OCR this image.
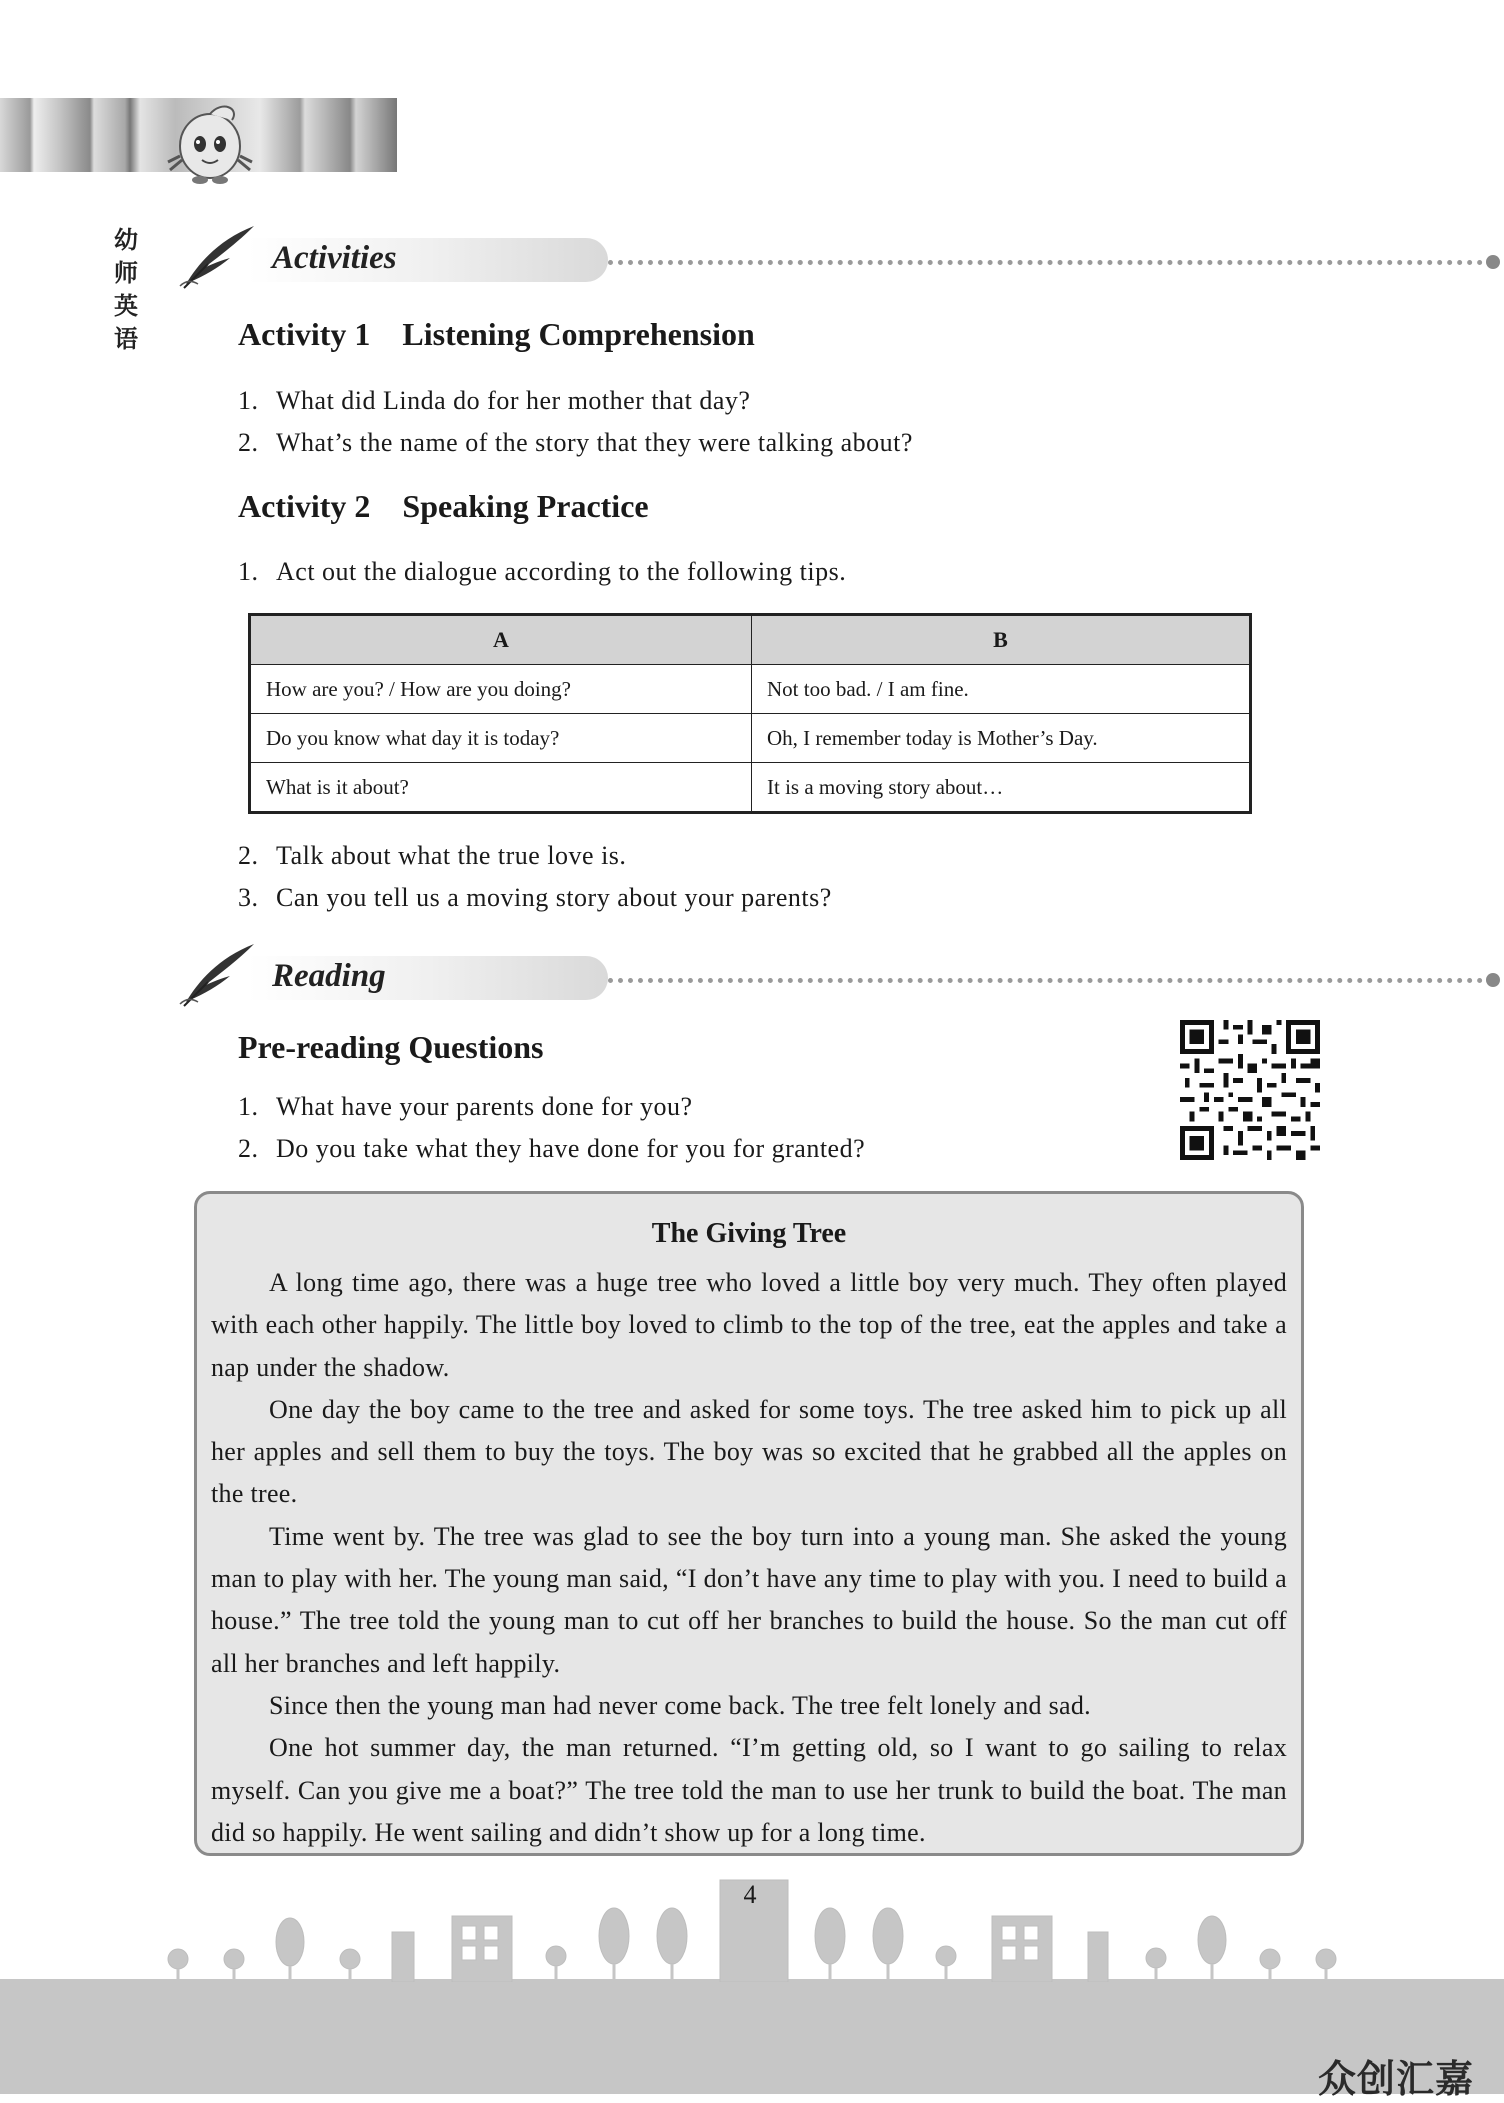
幼
师
英
语
Activities
Activity 1    Listening Comprehension
1. What did Linda do for her mother that day?
2. What’s the name of the story that they were talking about?
Activity 2    Speaking Practice
1. Act out the dialogue according to the following tips.
A	B
How are you? / How are you doing?	Not too bad. / I am fine.
Do you know what day it is today?	Oh, I remember today is Mother’s Day.
What is it about?	It is a moving story about…
2. Talk about what the true love is.
3. Can you tell us a moving story about your parents?
Reading
Pre-reading Questions
1. What have your parents done for you?
2. Do you take what they have done for you for granted?
The Giving Tree

A long time ago, there was a huge tree who loved a little boy very much. They often played with each other happily. The little boy loved to climb to the top of the tree, eat the apples and take a nap under the shadow.

One day the boy came to the tree and asked for some toys. The tree asked him to pick up all her apples and sell them to buy the toys. The boy was so excited that he grabbed all the apples on the tree.

Time went by. The tree was glad to see the boy turn into a young man. She asked the young man to play with her. The young man said, “I don’t have any time to play with you. I need to build a house.” The tree told the young man to cut off her branches to build the house. So the man cut off all her branches and left happily.

Since then the young man had never come back. The tree felt lonely and sad.

One hot summer day, the man returned. “I’m getting old, so I want to go sailing to relax myself. Can you give me a boat?” The tree told the man to use her trunk to build the boat. The man did so happily. He went sailing and didn’t show up for a long time.

4
众创汇嘉
